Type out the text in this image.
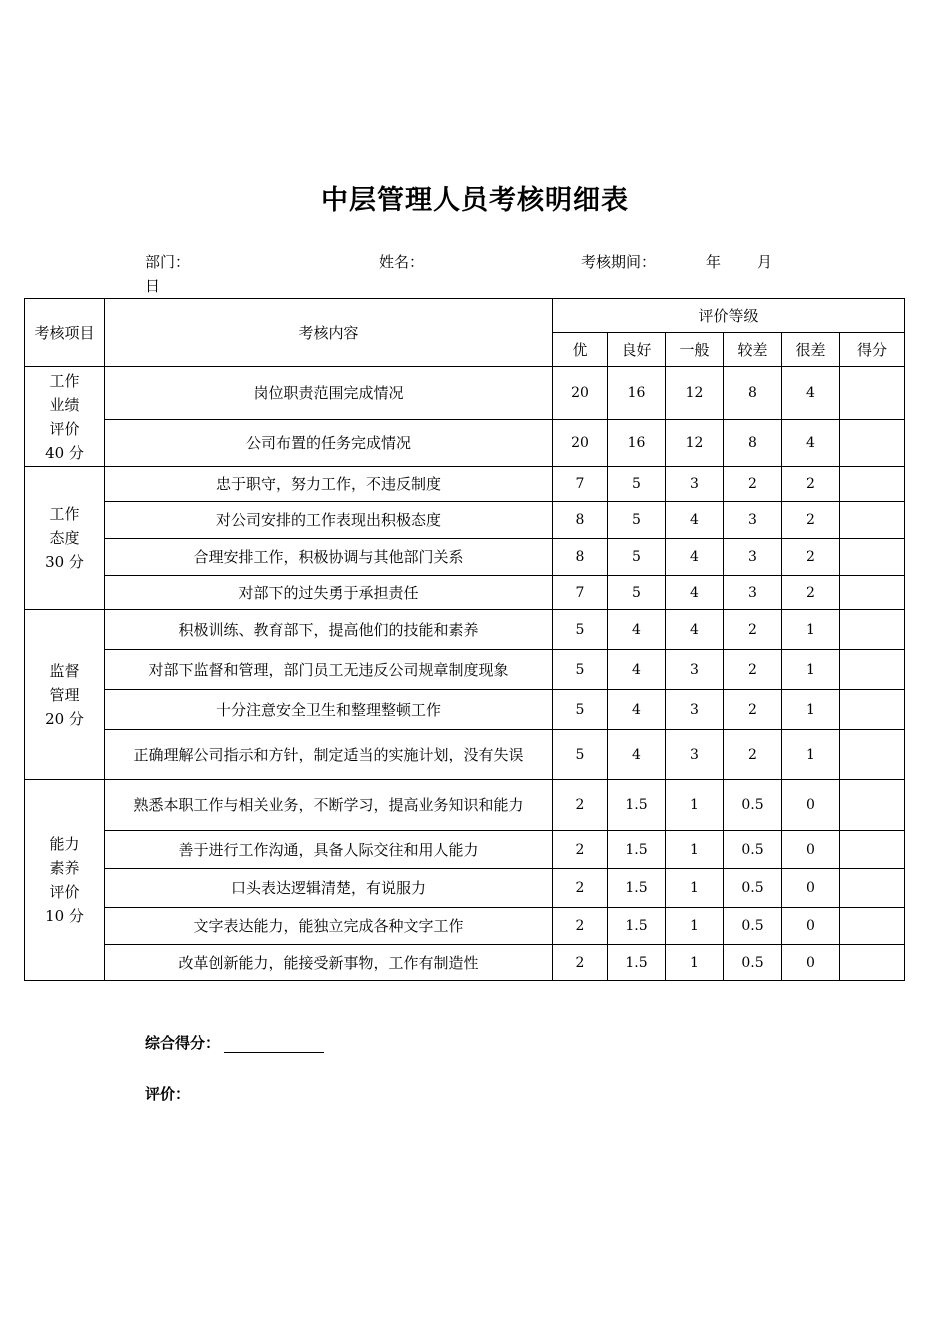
中层管理人员考核明细表
部门：	姓名：	考核期间：	年 月
日
考核项目	考核内容	评价等级					
		优	良好	一般	较差	很差	得分

工作
业绩
评价
40 分	岗位职责范围完成情况	20	16	12	8	4	
	公司布置的任务完成情况	20	16	12	8	4	

工作
态度
30 分	忠于职守，努力工作，不违反制度	7	5	3	2	2	
	对公司安排的工作表现出积极态度	8	5	4	3	2	
	合理安排工作，积极协调与其他部门关系	8	5	4	3	2	
	对部下的过失勇于承担责任	7	5	4	3	2	

监督
管理
20 分	积极训练、教育部下，提高他们的技能和素养	5	4	4	2	1	
	对部下监督和管理，部门员工无违反公司规章制度现象	5	4	3	2	1	
	十分注意安全卫生和整理整顿工作	5	4	3	2	1	
	正确理解公司指示和方针，制定适当的实施计划，没有失误	5	4	3	2	1	

能力
素养
评价
10 分	熟悉本职工作与相关业务，不断学习，提高业务知识和能力	2	1.5	1	0.5	0	
	善于进行工作沟通，具备人际交往和用人能力	2	1.5	1	0.5	0	
	口头表达逻辑清楚，有说服力	2	1.5	1	0.5	0	
	文字表达能力，能独立完成各种文字工作	2	1.5	1	0.5	0	
	改革创新能力，能接受新事物，工作有制造性	2	1.5	1	0.5	0	
综合得分：
评价：
